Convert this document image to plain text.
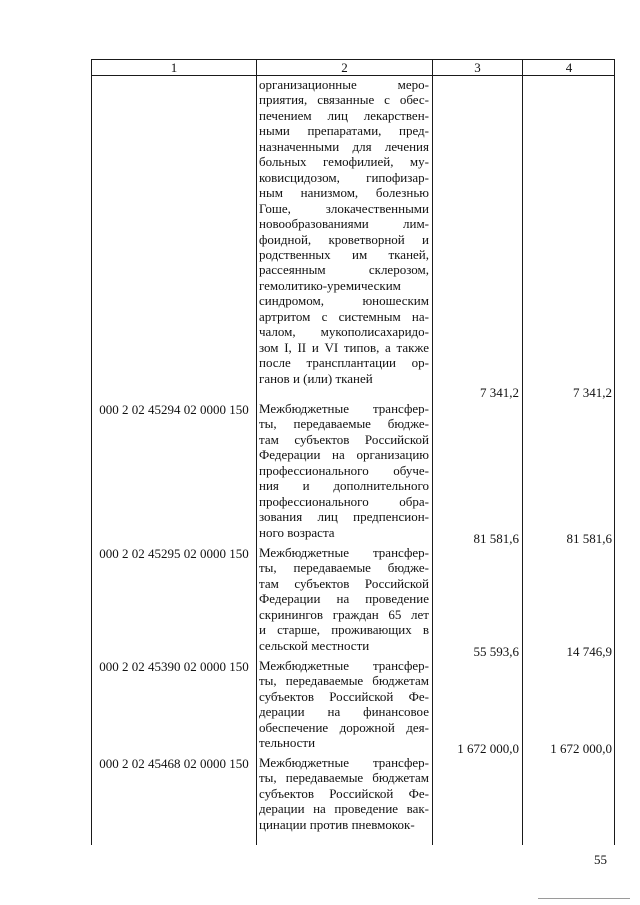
1	2	3	4
организационные меро-
приятия, связанные с обес-
печением лиц лекарствен-
ными препаратами, пред-
назначенными для лечения
больных гемофилией, му-
ковисцидозом, гипофизар-
ным нанизмом, болезнью
Гоше, злокачественными
новообразованиями лим-
фоидной, кроветворной и
родственных им тканей,
рассеянным склерозом,
гемолитико-уремическим
синдромом, юношеским
артритом с системным на-
чалом, мукополисахаридо-
зом I, II и VI типов, а также
после трансплантации ор-
ганов и (или) тканей
7 341,2	7 341,2
000 2 02 45294 02 0000 150 Межбюджетные трансфер-
ты, передаваемые бюдже-
там субъектов Российской
Федерации на организацию
профессионального обуче-
ния и дополнительного
профессионального обра-
зования лиц предпенсион-
ного возраста	81 581,6	81 581,6
000 2 02 45295 02 0000 150 Межбюджетные трансфер-
ты, передаваемые бюдже-
там субъектов Российской
Федерации на проведение
скринингов граждан 65 лет
и старше, проживающих в
сельской местности	55 593,6	14 746,9
000 2 02 45390 02 0000 150 Межбюджетные трансфер-
ты, передаваемые бюджетам
субъектов Российской Фе-
дерации на финансовое
обеспечение дорожной дея-
тельности	1 672 000,0	1 672 000,0
000 2 02 45468 02 0000 150 Межбюджетные трансфер-
ты, передаваемые бюджетам
субъектов Российской Фе-
дерации на проведение вак-
цинации против пневмокок-
55
